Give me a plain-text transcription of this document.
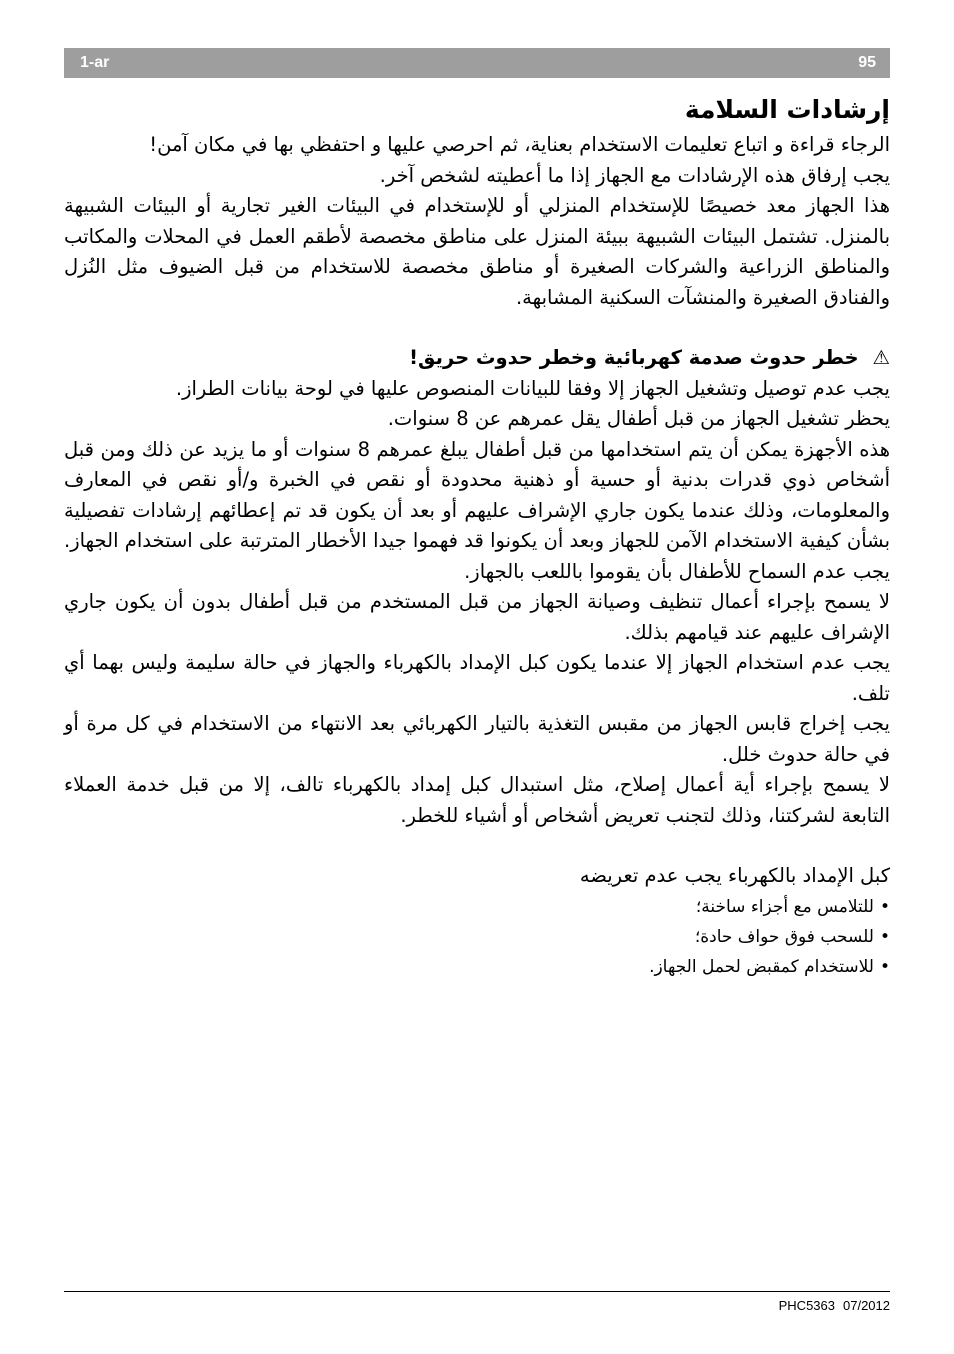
1-ar	95

إرشادات السلامة

الرجاء قراءة و اتباع تعليمات الاستخدام بعناية، ثم احرصي عليها و احتفظي بها في مكان آمن!

يجب إرفاق هذه الإرشادات مع الجهاز إذا ما أعطيته لشخص آخر.

هذا الجهاز معد خصيصًا للإستخدام المنزلي أو للإستخدام في البيئات الغير تجارية أو البيئات الشبيهة بالمنزل. تشتمل البيئات الشبيهة ببيئة المنزل على مناطق مخصصة لأطقم العمل في المحلات والمكاتب والمناطق الزراعية والشركات الصغيرة أو مناطق مخصصة للاستخدام من قبل الضيوف مثل النُزل والفنادق الصغيرة والمنشآت السكنية المشابهة.

⚠خطر حدوث صدمة كهربائية وخطر حدوث حريق!

يجب عدم توصيل وتشغيل الجهاز إلا وفقا للبيانات المنصوص عليها في لوحة بيانات الطراز.

يحظر تشغيل الجهاز من قبل أطفال يقل عمرهم عن 8 سنوات.

هذه الأجهزة يمكن أن يتم استخدامها من قبل أطفال يبلغ عمرهم 8 سنوات أو ما يزيد عن ذلك ومن قبل أشخاص ذوي قدرات بدنية أو حسية أو ذهنية محدودة أو نقص في الخبرة و/أو نقص في المعارف والمعلومات، وذلك عندما يكون جاري الإشراف عليهم أو بعد أن يكون قد تم إعطائهم إرشادات تفصيلية بشأن كيفية الاستخدام الآمن للجهاز وبعد أن يكونوا قد فهموا جيدا الأخطار المترتبة على استخدام الجهاز. يجب عدم السماح للأطفال بأن يقوموا باللعب بالجهاز.

لا يسمح بإجراء أعمال تنظيف وصيانة الجهاز من قبل المستخدم من قبل أطفال بدون أن يكون جاري الإشراف عليهم عند قيامهم بذلك.

يجب عدم استخدام الجهاز إلا عندما يكون كبل الإمداد بالكهرباء والجهاز في حالة سليمة وليس بهما أي تلف.

يجب إخراج قابس الجهاز من مقبس التغذية بالتيار الكهربائي بعد الانتهاء من الاستخدام في كل مرة أو في حالة حدوث خلل.

لا يسمح بإجراء أية أعمال إصلاح، مثل استبدال كبل إمداد بالكهرباء تالف، إلا من قبل خدمة العملاء التابعة لشركتنا، وذلك لتجنب تعريض أشخاص أو أشياء للخطر.

كبل الإمداد بالكهرباء يجب عدم تعريضه

• للتلامس مع أجزاء ساخنة؛
• للسحب فوق حواف حادة؛
• للاستخدام كمقبض لحمل الجهاز.
PHC5363 07/2012
